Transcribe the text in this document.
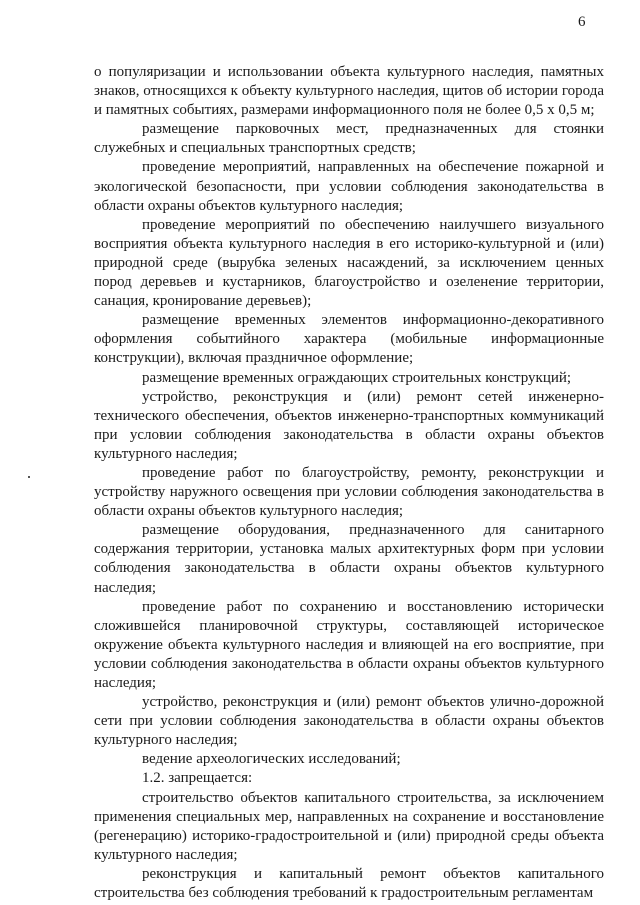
6

о популяризации и использовании объекта культурного наследия, памятных знаков, относящихся к объекту культурного наследия, щитов об истории города и памятных событиях, размерами информационного поля не более 0,5 х 0,5 м;

размещение парковочных мест, предназначенных для стоянки служебных и специальных транспортных средств;

проведение мероприятий, направленных на обеспечение пожарной и экологической безопасности, при условии соблюдения законодательства в области охраны объектов культурного наследия;

проведение мероприятий по обеспечению наилучшего визуального восприятия объекта культурного наследия в его историко-культурной и (или) природной среде (вырубка зеленых насаждений, за исключением ценных пород деревьев и кустарников, благоустройство и озеленение территории, санация, кронирование деревьев);

размещение временных элементов информационно-декоративного оформления событийного характера (мобильные информационные конструкции), включая праздничное оформление;

размещение временных ограждающих строительных конструкций;

устройство, реконструкция и (или) ремонт сетей инженерно-технического обеспечения, объектов инженерно-транспортных коммуникаций при условии соблюдения законодательства в области охраны объектов культурного наследия;

проведение работ по благоустройству, ремонту, реконструкции и устройству наружного освещения при условии соблюдения законодательства в области охраны объектов культурного наследия;

размещение оборудования, предназначенного для санитарного содержания территории, установка малых архитектурных форм при условии соблюдения законодательства в области охраны объектов культурного наследия;

проведение работ по сохранению и восстановлению исторически сложившейся планировочной структуры, составляющей историческое окружение объекта культурного наследия и влияющей на его восприятие, при условии соблюдения законодательства в области охраны объектов культурного наследия;

устройство, реконструкция и (или) ремонт объектов улично-дорожной сети при условии соблюдения законодательства в области охраны объектов культурного наследия;

ведение археологических исследований;

1.2. запрещается:

строительство объектов капитального строительства, за исключением применения специальных мер, направленных на сохранение и восстановление (регенерацию) историко-градостроительной и (или) природной среды объекта культурного наследия;

реконструкция и капитальный ремонт объектов капитального строительства без соблюдения требований к градостроительным регламентам
